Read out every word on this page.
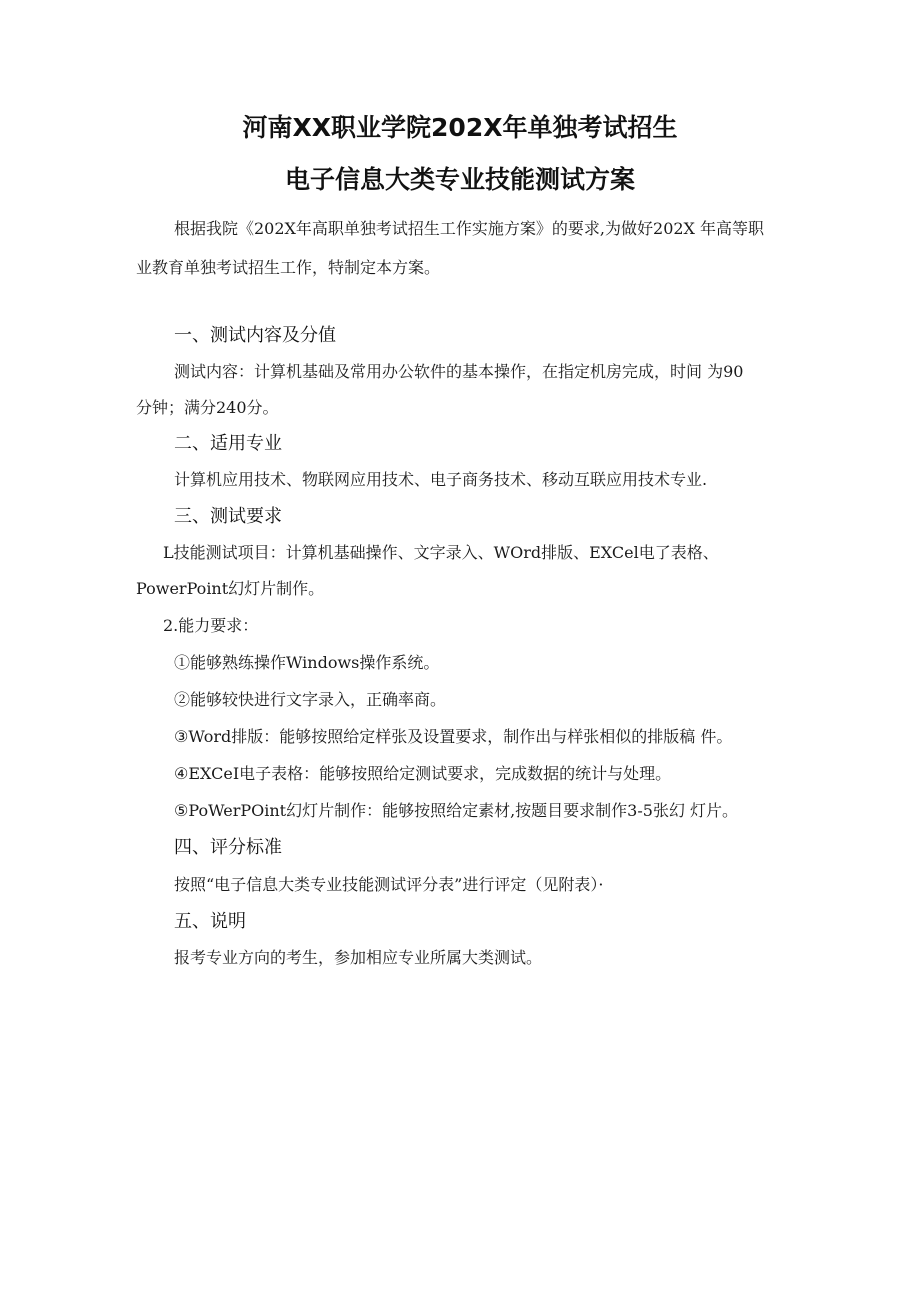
河南XX职业学院202X年单独考试招生
电子信息大类专业技能测试方案
根据我院《202X年高职单独考试招生工作实施方案》的要求,为做好202X 年高等职
业教育单独考试招生工作，特制定本方案。
一、测试内容及分值
测试内容：计算机基础及常用办公软件的基本操作，在指定机房完成，时间 为90
分钟；满分240分。
二、适用专业
计算机应用技术、物联网应用技术、电子商务技术、移动互联应用技术专业.
三、测试要求
L技能测试项目：计算机基础操作、文字录入、WOrd排版、EXCel电了表格、
PowerPoint幻灯片制作。
2.能力要求：
①能够熟练操作Windows操作系统。
②能够较快进行文字录入，正确率商。
③Word排版：能够按照给定样张及设置要求，制作出与样张相似的排版稿 件。
④EXCeI电子表格：能够按照给定测试要求，完成数据的统计与处理。
⑤PoWerPOint幻灯片制作：能够按照给定素材,按题目要求制作3-5张幻 灯片。
四、评分标准
按照“电子信息大类专业技能测试评分表”进行评定（见附表）·
五、说明
报考专业方向的考生，参加相应专业所属大类测试。
